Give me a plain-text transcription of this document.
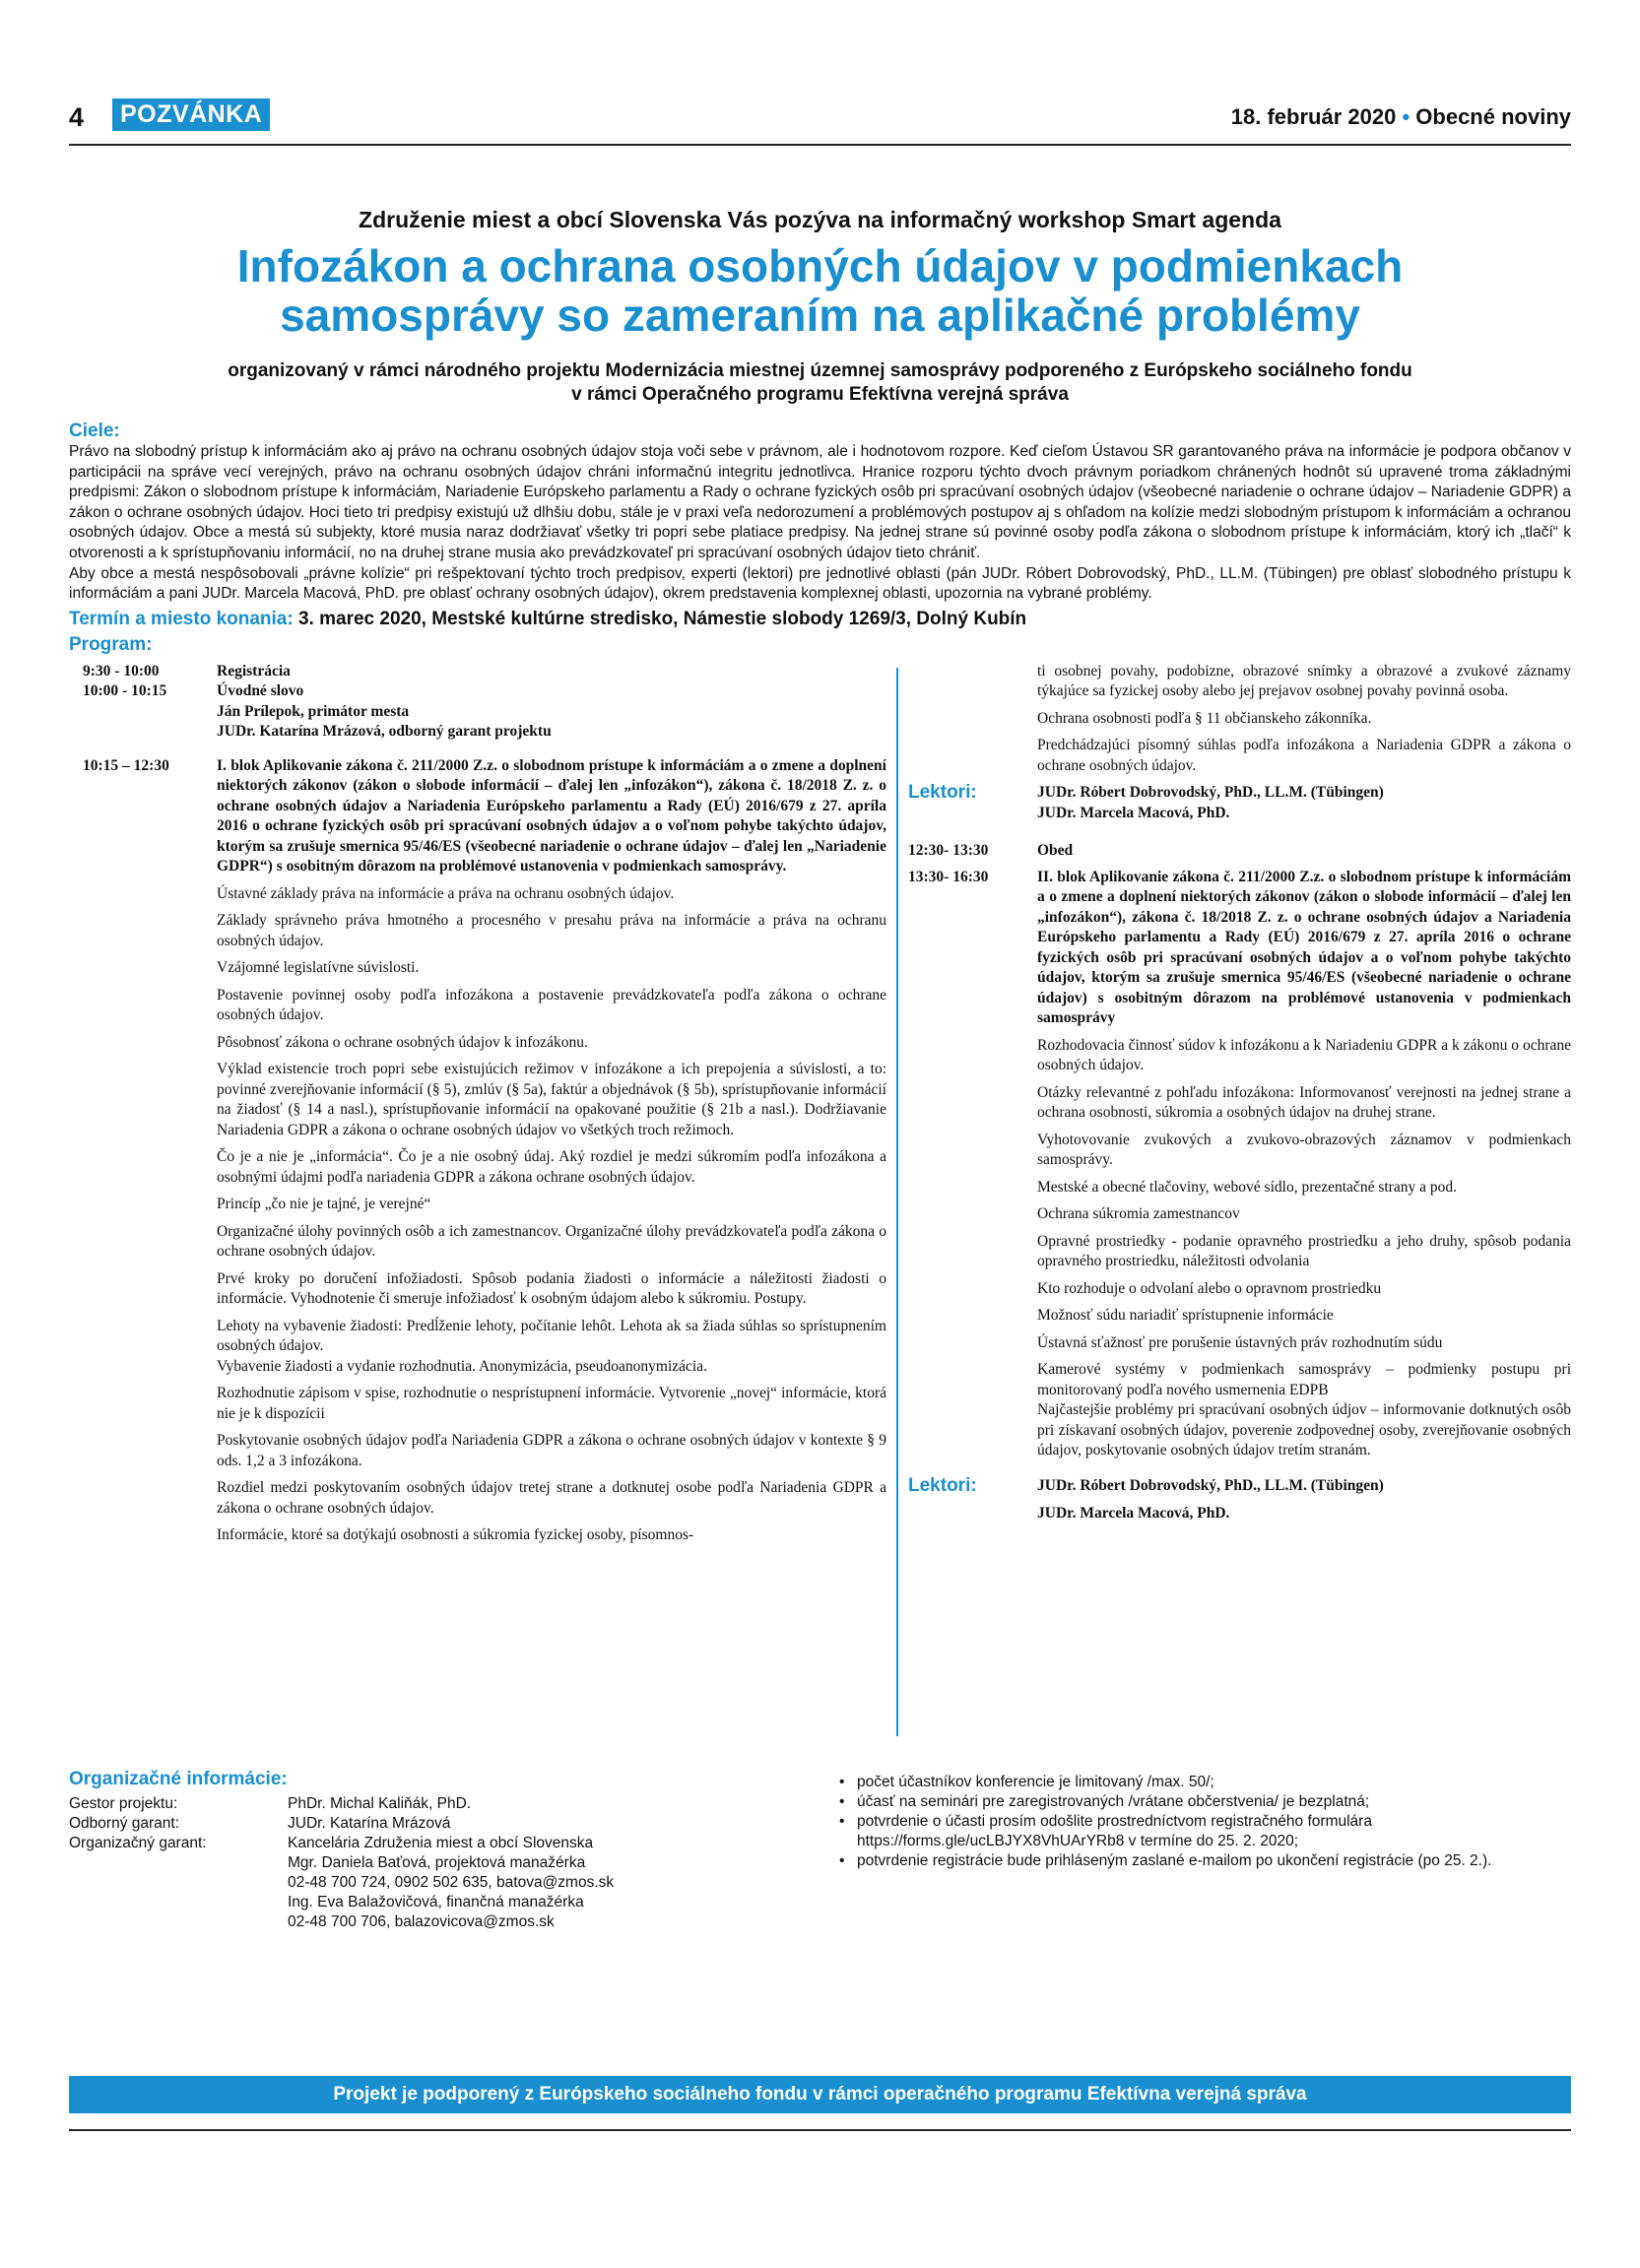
4	POZVÁNKA	18. február 2020 • Obecné noviny
Združenie miest a obcí Slovenska Vás pozýva na informačný workshop Smart agenda
Infozákon a ochrana osobných údajov v podmienkach
samosprávy so zameraním na aplikačné problémy
organizovaný v rámci národného projektu Modernizácia miestnej územnej samosprávy podporeného z Európskeho sociálneho fondu
v rámci Operačného programu Efektívna verejná správa
Ciele:

Právo na slobodný prístup k informáciám ako aj právo na ochranu osobných údajov stoja voči sebe v právnom, ale i hodnotovom rozpore. Keď cieľom Ústavou SR garantovaného práva na informácie je podpora občanov v participácii na správe vecí verejných, právo na ochranu osobných údajov chráni informačnú integritu jednotlivca. Hranice rozporu týchto dvoch právnym poriadkom chránených hodnôt sú upravené troma základnými predpismi: Zákon o slobodnom prístupe k informáciám, Nariadenie Európskeho parlamentu a Rady o ochrane fyzických osôb pri spracúvaní osobných údajov (všeobecné nariadenie o ochrane údajov – Nariadenie GDPR) a zákon o ochrane osobných údajov. Hoci tieto tri predpisy existujú už dlhšiu dobu, stále je v praxi veľa nedorozumení a problémových postupov aj s ohľadom na kolízie medzi slobodným prístupom k informáciám a ochranou osobných údajov. Obce a mestá sú subjekty, ktoré musia naraz dodržiavať všetky tri popri sebe platiace predpisy. Na jednej strane sú povinné osoby podľa zákona o slobodnom prístupe k informáciám, ktorý ich „tlačí“ k otvorenosti a k sprístupňovaniu informácií, no na druhej strane musia ako prevádzkovateľ pri spracúvaní osobných údajov tieto chrániť.

Aby obce a mestá nespôsobovali „právne kolízie“ pri rešpektovaní týchto troch predpisov, experti (lektori) pre jednotlivé oblasti (pán JUDr. Róbert Dobrovodský, PhD., LL.M. (Tübingen) pre oblasť slobodného prístupu k informáciám a pani JUDr. Marcela Macová, PhD. pre oblasť ochrany osobných údajov), okrem predstavenia komplexnej oblasti, upozornia na vybrané problémy.

Termín a miesto konania: 3. marec 2020, Mestské kultúrne stredisko, Námestie slobody 1269/3, Dolný Kubín
Program:
9:30 - 10:00	Registrácia
10:00 - 10:15	Úvodné slovo
Ján Prílepok, primátor mesta
JUDr. Katarína Mrázová, odborný garant projektu
10:15 – 12:30	I. blok Aplikovanie zákona č. 211/2000 Z.z. o slobodnom prístupe k informáciám a o zmene a doplnení niektorých zákonov (zákon o slobode informácií – ďalej len „infozákon“), zákona č. 18/2018 Z. z. o ochrane osobných údajov a Nariadenia Európskeho parlamentu a Rady (EÚ) 2016/679 z 27. apríla 2016 o ochrane fyzických osôb pri spracúvaní osobných údajov a o voľnom pohybe takýchto údajov, ktorým sa zrušuje smernica 95/46/ES (všeobecné nariadenie o ochrane údajov – ďalej len „Nariadenie GDPR“) s osobitným dôrazom na problémové ustanovenia v podmienkach samosprávy.
Ústavné základy práva na informácie a práva na ochranu osobných údajov.
Základy správneho práva hmotného a procesného v presahu práva na informácie a práva na ochranu osobných údajov.
Vzájomné legislatívne súvislosti.
Postavenie povinnej osoby podľa infozákona a postavenie prevádzkovateľa podľa zákona o ochrane osobných údajov.
Pôsobnosť zákona o ochrane osobných údajov k infozákonu.
Výklad existencie troch popri sebe existujúcich režimov v infozákone a ich prepojenia a súvislosti, a to: povinné zverejňovanie informácií (§ 5), zmlúv (§ 5a), faktúr a objednávok (§ 5b), sprístupňovanie informácií na žiadosť (§ 14 a nasl.), sprístupňovanie informácií na opakované použitie (§ 21b a nasl.). Dodržiavanie Nariadenia GDPR a zákona o ochrane osobných údajov vo všetkých troch režimoch.
Čo je a nie je „informácia“. Čo je a nie osobný údaj. Aký rozdiel je medzi súkromím podľa infozákona a osobnými údajmi podľa nariadenia GDPR a zákona ochrane osobných údajov.
Princíp „čo nie je tajné, je verejné“
Organizačné úlohy povinných osôb a ich zamestnancov. Organizačné úlohy prevádzkovateľa podľa zákona o ochrane osobných údajov.
Prvé kroky po doručení infožiadosti. Spôsob podania žiadosti o informácie a náležitosti žiadosti o informácie. Vyhodnotenie či smeruje infožiadosť k osobným údajom alebo k súkromiu. Postupy.
Lehoty na vybavenie žiadosti: Predĺženie lehoty, počítanie lehôt. Lehota ak sa žiada súhlas so sprístupnením osobných údajov.
Vybavenie žiadosti a vydanie rozhodnutia. Anonymizácia, pseudoanonymizácia.
Rozhodnutie zápisom v spise, rozhodnutie o nesprístupnení informácie. Vytvorenie „novej“ informácie, ktorá nie je k dispozícii
Poskytovanie osobných údajov podľa Nariadenia GDPR a zákona o ochrane osobných údajov v kontexte § 9 ods. 1,2 a 3 infozákona.
Rozdiel medzi poskytovaním osobných údajov tretej strane a dotknutej osobe podľa Nariadenia GDPR a zákona o ochrane osobných údajov.
Informácie, ktoré sa dotýkajú osobnosti a súkromia fyzickej osoby, písomnos-
ti osobnej povahy, podobizne, obrazové snímky a obrazové a zvukové záznamy týkajúce sa fyzickej osoby alebo jej prejavov osobnej povahy povinná osoba.
Ochrana osobnosti podľa § 11 občianskeho zákonníka.
Predchádzajúci písomný súhlas podľa infozákona a Nariadenia GDPR a zákona o ochrane osobných údajov.
Lektori:	JUDr. Róbert Dobrovodský, PhD., LL.M. (Tübingen)
JUDr. Marcela Macová, PhD.
12:30- 13:30	Obed
13:30- 16:30	II. blok Aplikovanie zákona č. 211/2000 Z.z. o slobodnom prístupe k informáciám a o zmene a doplnení niektorých zákonov (zákon o slobode informácií – ďalej len „infozákon“), zákona č. 18/2018 Z. z. o ochrane osobných údajov a Nariadenia Európskeho parlamentu a Rady (EÚ) 2016/679 z 27. apríla 2016 o ochrane fyzických osôb pri spracúvaní osobných údajov a o voľnom pohybe takýchto údajov, ktorým sa zrušuje smernica 95/46/ES (všeobecné nariadenie o ochrane údajov) s osobitným dôrazom na problémové ustanovenia v podmienkach samosprávy
Rozhodovacia činnosť súdov k infozákonu a k Nariadeniu GDPR a k zákonu o ochrane osobných údajov.
Otázky relevantné z pohľadu infozákona: Informovanosť verejnosti na jednej strane a ochrana osobnosti, súkromia a osobných údajov na druhej strane.
Vyhotovovanie zvukových a zvukovo-obrazových záznamov v podmienkach samosprávy.
Mestské a obecné tlačoviny, webové sídlo, prezentačné strany a pod.
Ochrana súkromia zamestnancov
Opravné prostriedky - podanie opravného prostriedku a jeho druhy, spôsob podania opravného prostriedku, náležitosti odvolania
Kto rozhoduje o odvolaní alebo o opravnom prostriedku
Možnosť súdu nariadiť sprístupnenie informácie
Ústavná sťažnosť pre porušenie ústavných práv rozhodnutím súdu
Kamerové systémy v podmienkach samosprávy – podmienky postupu pri monitorovaný podľa nového usmernenia EDPB
Najčastejšie problémy pri spracúvaní osobných údjov – informovanie dotknutých osôb pri získavaní osobných údajov, poverenie zodpovednej osoby, zverejňovanie osobných údajov, poskytovanie osobných údajov tretím stranám.
Lektori:	JUDr. Róbert Dobrovodský, PhD., LL.M. (Tübingen)
JUDr. Marcela Macová, PhD.
Organizačné informácie:
Gestor projektu:	PhDr. Michal Kaliňák, PhD.
Odborný garant:	JUDr. Katarína Mrázová
Organizačný garant:	Kancelária Združenia miest a obcí Slovenska
Mgr. Daniela Baťová, projektová manažérka
02-48 700 724, 0902 502 635, batova@zmos.sk
Ing. Eva Balažovičová, finančná manažérka
02-48 700 706, balazovicova@zmos.sk
• počet účastníkov konferencie je limitovaný /max. 50/;
• účasť na seminári pre zaregistrovaných /vrátane občerstvenia/ je bezplatná;
• potvrdenie o účasti prosím odošlite prostredníctvom registračného formulára https://forms.gle/ucLBJYX8VhUArYRb8 v termíne do 25. 2. 2020;
• potvrdenie registrácie bude prihláseným zaslané e-mailom po ukončení registrácie (po 25. 2.).
Projekt je podporený z Európskeho sociálneho fondu v rámci operačného programu Efektívna verejná správa
